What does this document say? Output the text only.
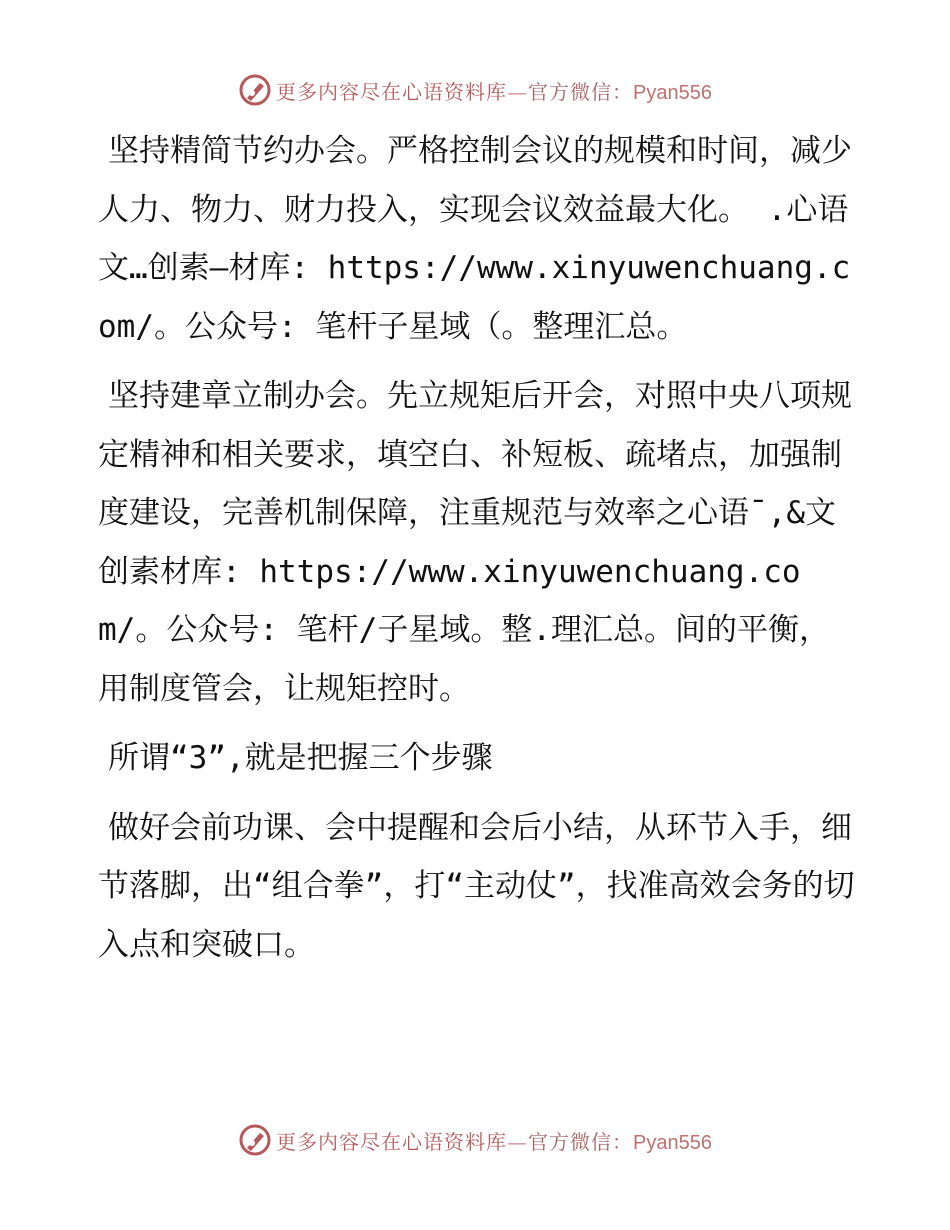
更多内容尽在心语资料库—官方微信：Pyan556

坚持精简节约办会。严格控制会议的规模和时间，减少人力、物力、财力投入，实现会议效益最大化。 .心语文…创素—材库: https://www.xinyuwenchuang.com/。公众号: 笔杆子星域（。整理汇总。

坚持建章立制办会。先立规矩后开会，对照中央八项规定精神和相关要求，填空白、补短板、疏堵点，加强制度建设，完善机制保障，注重规范与效率之心语¯,&文创素材库: https://www.xinyuwenchuang.com/。公众号: 笔杆/子星域。整.理汇总。间的平衡，用制度管会，让规矩控时。

所谓“3”,就是把握三个步骤

做好会前功课、会中提醒和会后小结，从环节入手，细节落脚，出“组合拳”，打“主动仗”，找准高效会务的切入点和突破口。

更多内容尽在心语资料库—官方微信：Pyan556
